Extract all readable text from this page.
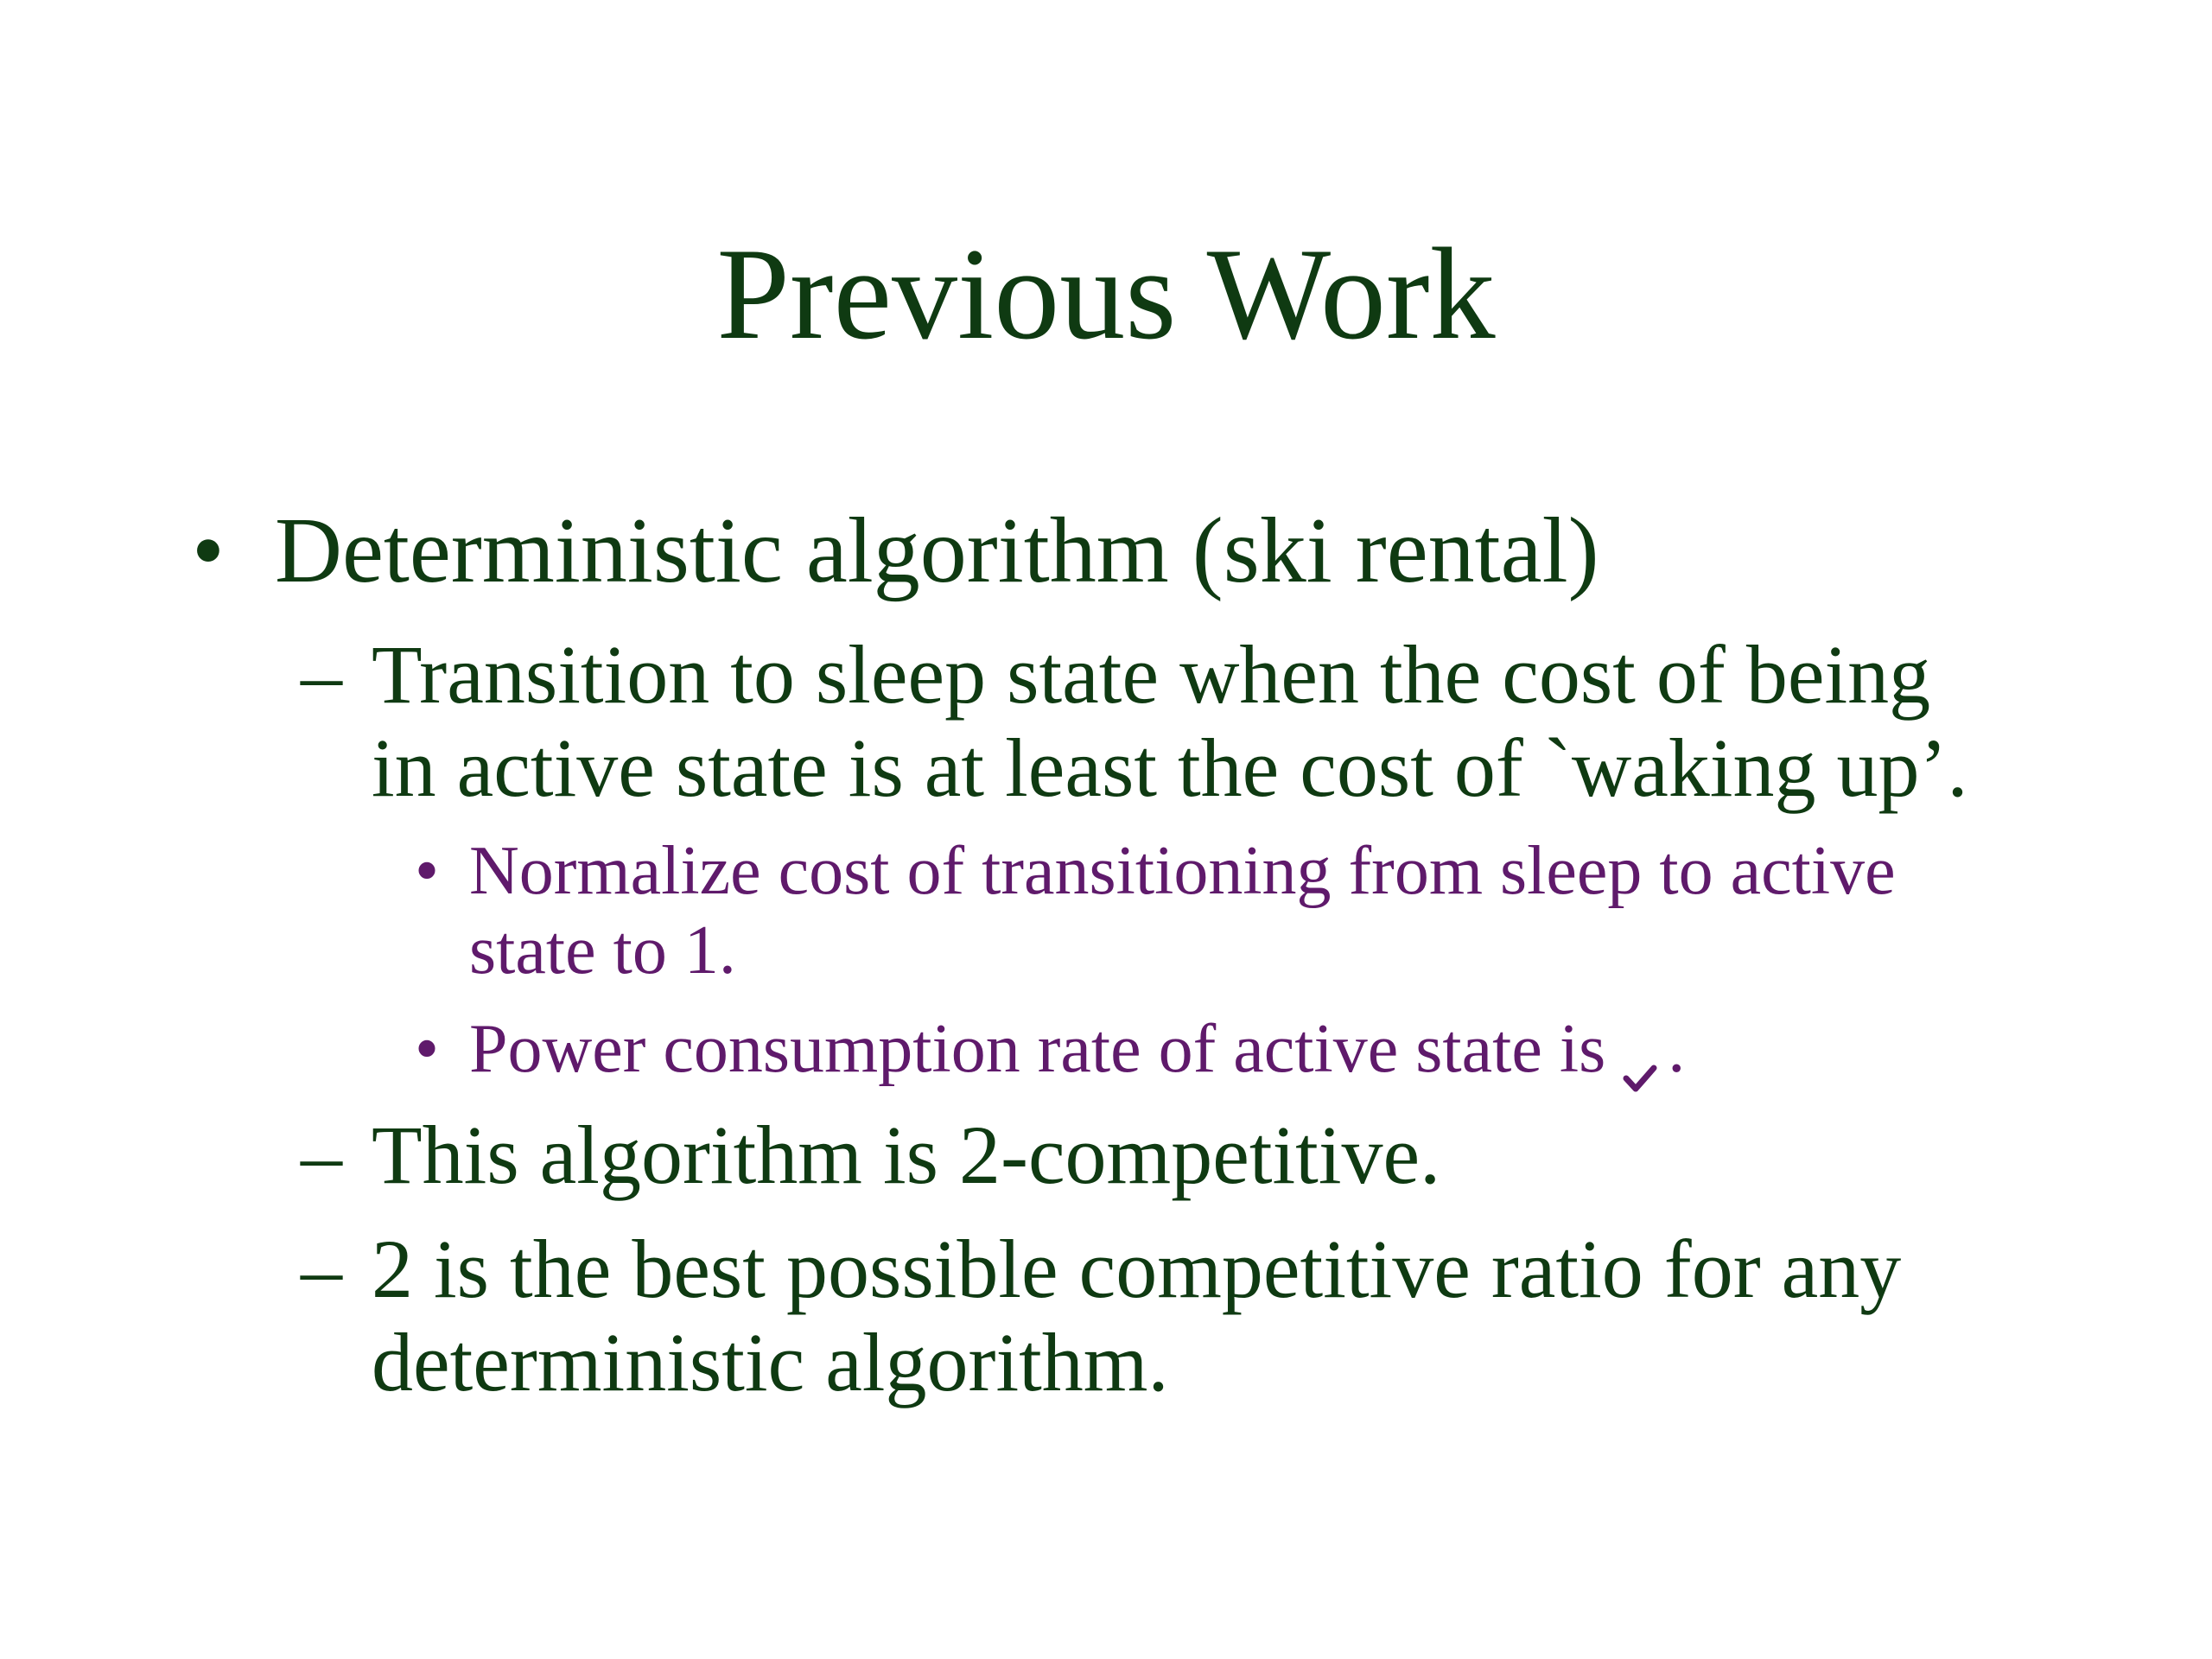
Previous Work
• Deterministic algorithm (ski rental)
– Transition to sleep state when the cost of being
in active state is at least the cost of `waking up’.
• Normalize cost of transitioning from sleep to active
state to 1.
• Power consumption rate of active state is .
– This algorithm is 2-competitive.
– 2 is the best possible competitive ratio for any
deterministic algorithm.
